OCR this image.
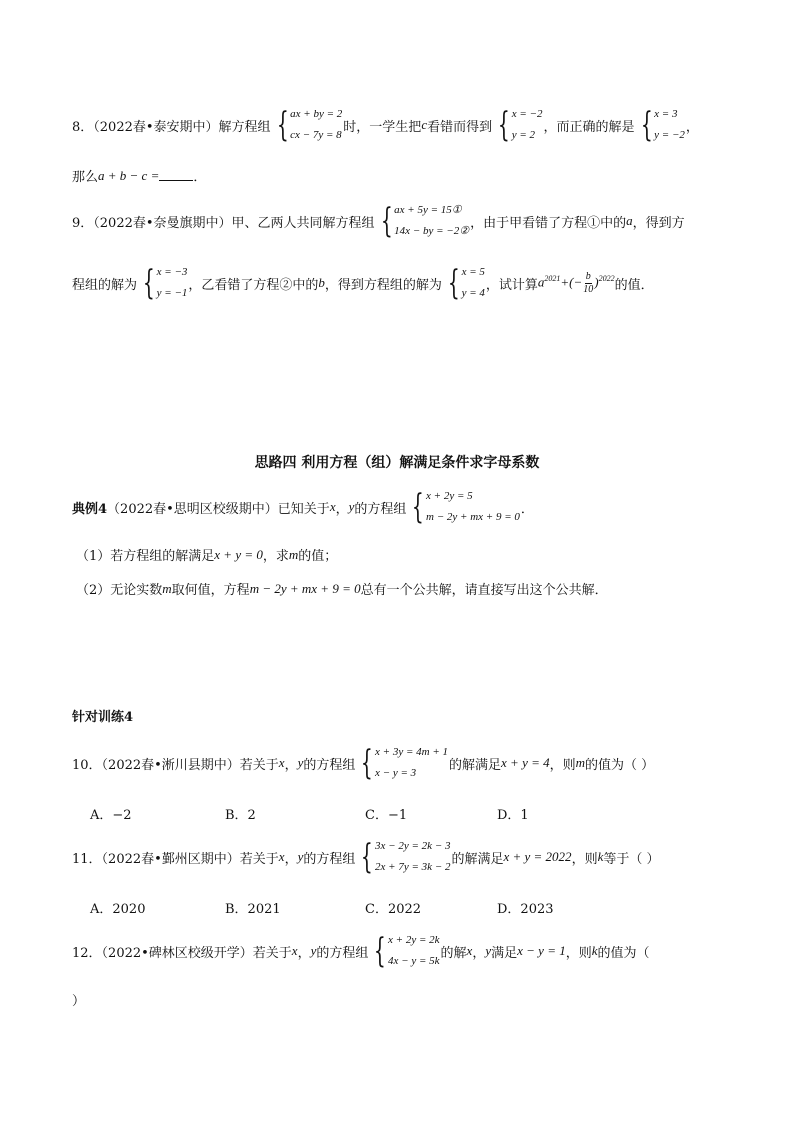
8．（2022春•泰安期中）解方程组 { ax + by = 2
cx − 7y = 8
时，一学生把 c 看错而得到 { x = −2
y = 2
，而正确的解是 { x = 3
y = −2
，
那么 a + b − c =	．
9．（2022春•奈曼旗期中）甲、乙两人共同解方程组 { ax + 5y = 15①
14x − by = −2②
，由于甲看错了方程①中的 a ，得到方
程组的解为 { x = −3
y = −1
，乙看错了方程②中的 b ，得到方程组的解为 { x = 5
y = 4
，试计算 $a^{2021}+(- \frac{b}{10} )^{2022}$ 的值．
思路四 利用方程（组）解满足条件求字母系数
典例4 （2022春•思明区校级期中）已知关于 x ， y 的方程组 { x + 2y = 5
m − 2y + mx + 9 = 0
．
（1）若方程组的解满足 x + y = 0 ，求 m 的值；
（2）无论实数 m 取何值，方程 m − 2y + mx + 9 = 0 总有一个公共解，请直接写出这个公共解．
针对训练4
10．（2022春•淅川县期中）若关于 x ， y 的方程组 { x + 3y = 4m + 1
x − y = 3
的解满足 x + y = 4 ，则 m 的值为（ ）
A．−2	B．2	C．−1	D．1
11．（2022春•鄞州区期中）若关于 x ， y 的方程组 { 3x − 2y = 2k − 3
2x + 7y = 3k − 2
的解满足 x + y = 2022 ，则 k 等于（ ）
A．2020	B．2021	C．2022	D．2023
12．（2022•碑林区校级开学）若关于 x ， y 的方程组 { x + 2y = 2k
4x − y = 5k
的解 x ， y 满足 x − y = 1 ，则 k 的值为（
）
